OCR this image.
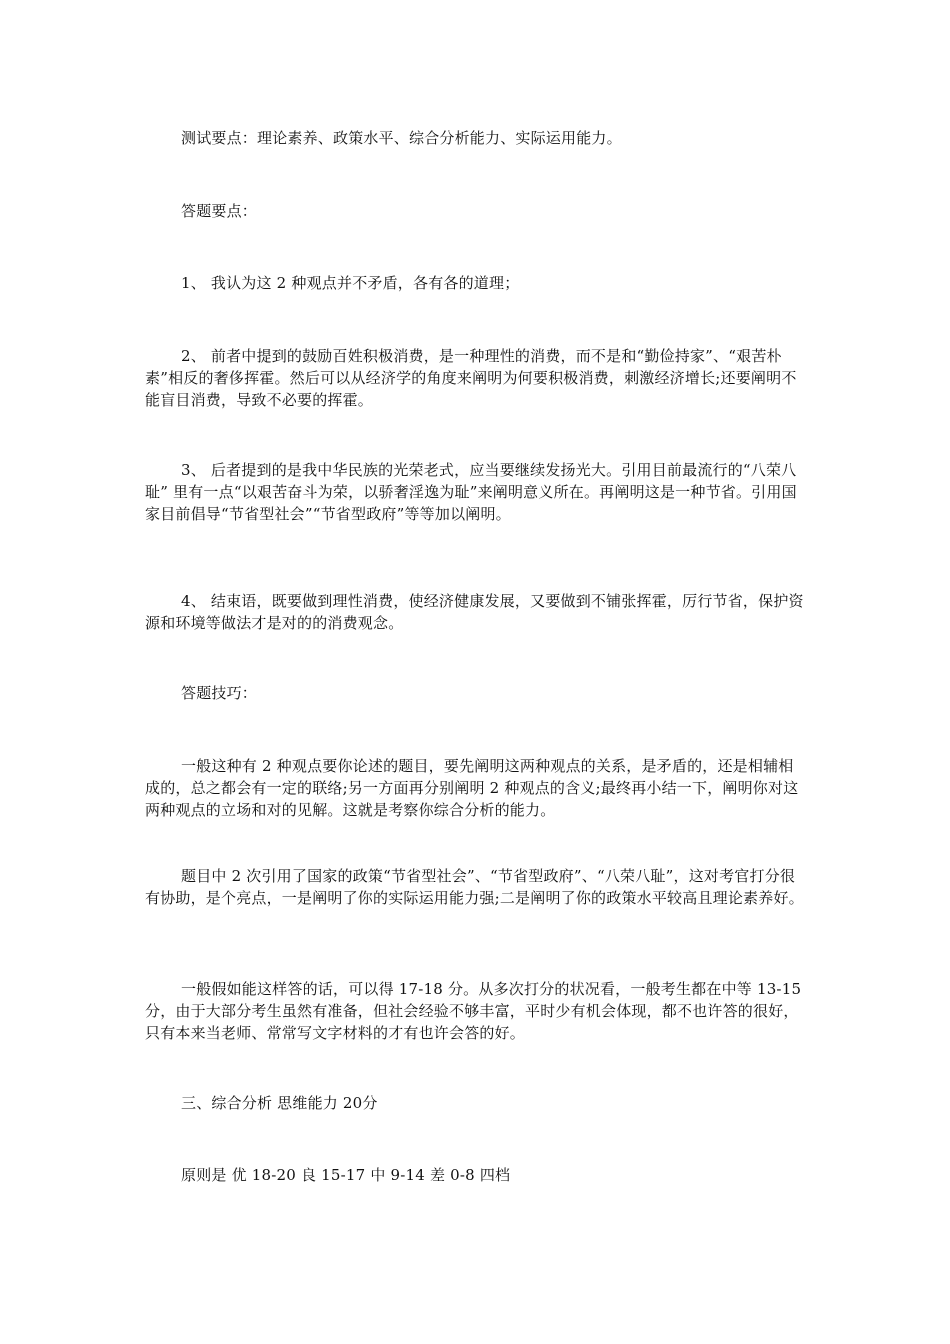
测试要点：理论素养、政策水平、综合分析能力、实际运用能力。

答题要点：

1、 我认为这 2 种观点并不矛盾，各有各的道理；

2、 前者中提到的鼓励百姓积极消费，是一种理性的消费，而不是和“勤俭持家”、“艰苦朴素”相反的奢侈挥霍。然后可以从经济学的角度来阐明为何要积极消费，刺激经济增长;还要阐明不能盲目消费，导致不必要的挥霍。

3、 后者提到的是我中华民族的光荣老式，应当要继续发扬光大。引用目前最流行的“八荣八耻” 里有一点“以艰苦奋斗为荣，以骄奢淫逸为耻”来阐明意义所在。再阐明这是一种节省。引用国家目前倡导“节省型社会”“节省型政府”等等加以阐明。

4、 结束语，既要做到理性消费，使经济健康发展，又要做到不铺张挥霍，厉行节省，保护资源和环境等做法才是对的的消费观念。

答题技巧：

一般这种有 2 种观点要你论述的题目，要先阐明这两种观点的关系，是矛盾的，还是相辅相成的，总之都会有一定的联络;另一方面再分别阐明 2 种观点的含义;最终再小结一下，阐明你对这两种观点的立场和对的见解。这就是考察你综合分析的能力。

题目中 2 次引用了国家的政策“节省型社会”、“节省型政府”、“八荣八耻”，这对考官打分很有协助，是个亮点，一是阐明了你的实际运用能力强;二是阐明了你的政策水平较高且理论素养好。

一般假如能这样答的话，可以得 17-18 分。从多次打分的状况看，一般考生都在中等 13-15 分，由于大部分考生虽然有准备，但社会经验不够丰富，平时少有机会体现，都不也许答的很好，只有本来当老师、常常写文字材料的才有也许会答的好。

三、综合分析 思维能力 20分

原则是 优 18-20 良 15-17 中 9-14 差 0-8 四档
